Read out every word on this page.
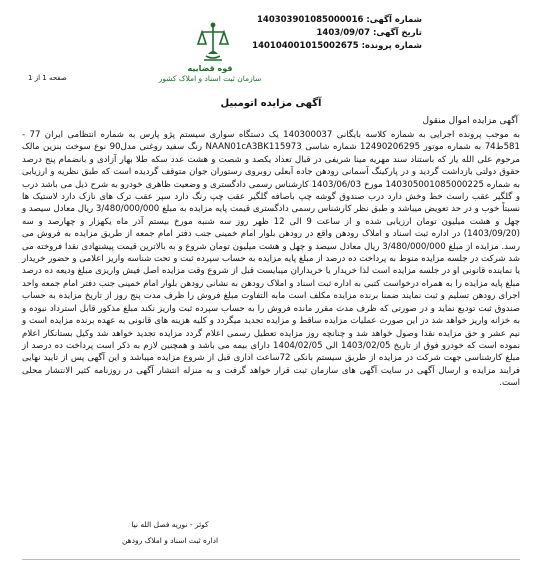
شماره آگهی: 140303901085000016
تاریخ آگهی: 1403/09/07
شماره پرونده: 140104001015002675
قوه قضاییه
سازمان ثبت اسناد و املاک کشور
صفحه 1 از 1
آگهی مزایده اتومبیل
آگهی مزایده اموال منقول
به موجب پرونده اجرایی به شماره کلاسه بایگانی 140300037 یک دستگاه سواری سیستم پژو پارس به شماره انتظامی ایران 77 - 581ط74 به شماره موتور 12490206295 شماره شاسی NAAN01cA3BK115973 رنگ سفید روغنی مدل90 نوع سوخت بنزین مالک مرحوم علی الله یار که باستناد سند مهریه مینا شریفی در قبال تعداد یکصد و شصت و هشت عدد سکه طلا بهار آزادی و بانضمام پنج درصد حقوق دولتی بازداشت گردید و در پارکینگ آسمانی رودهن جاده آبعلی روبروی رستوران جوان متوقف گردیده است که طبق نظریه و ارزیابی به شماره 140305001085000225 مورخ 1403/06/03 کارشناس رسمی دادگستری و وضعیت ظاهری خودرو به شرح ذیل می باشد درب و گلگیر عقب راست خط وخش دارد درب صندوق گوشه چپ باصافه گلگیر عقب چپ رنگ دارد سپر عقب ترک های نازک دارد لاستیک ها نسبتاً خوب و در حد تعویض میباشد و طبق نظر کارشناس رسمی دادگستری قیمت پایه مزایده به مبلغ 3/480/000/000 ریال معادل سیصد و چهل و هشت میلیون تومان ارزیابی شده و از ساعت 9 الی 12 ظهر روز سه شنبه مورخ بیستم آذر ماه یکهزار و چهارصد و سه (1403/09/20) در اداره ثبت اسناد و املاک رودهن واقع در رودهن بلوار امام خمینی جنب دفتر امام جمعه از طریق مزایده به فروش می رسد. مزایده از مبلغ 3/480/000/000 ریال معادل سیصد و چهل و هشت میلیون تومان شروع و به بالاترین قیمت پیشنهادی نقدا فروخته می شد شرکت در جلسه مزایده منوط به پرداخت ده درصد از مبلغ پایه مزایده به حساب سپرده ثبت و تحت شناسه واریز اعلامی و حضور خریدار یا نماینده قانونی او در جلسه مزایده است لذا خریدار یا خریداران میبایست قبل از شروع وقت مزایده اصل فیش واریزی مبلغ ودیعه ده درصد مبلغ پایه مزایده را به همراه درخواست کتبی به اداره ثبت اسناد و املاک رودهن به نشانی رودهن بلوار امام خمینی جنب دفتر امام جمعه واحد اجرای رودهن تسلیم و ثبت نمایند ضمنا برنده مزایده مکلف است مابه التفاوت مبلغ فروش را ظرف مدت پنج روز از تاریخ مزایده به حساب صندوق ثبت تودیع نماید و در صورتی که ظرف مدت مقرر مانده فروش را به حساب سپرده ثبت واریز نکند مبلغ مذکور قابل استرداد نبوده و به خزانه واریز خواهد شد در این صورت عملیات مزایده ساقط و مزایده تجدید میگردد و کلیه هزینه های قانونی به عهده برنده مزایده است و نیم عشر و حق مزایده نقدا وصول خواهد شد و چنانچه روز مزایده تعطیل رسمی اعلام گردد مزایده تجدید خواهد شد وکیل بستانکار اعلام نموده است که خودرو فوق از تاریخ 1403/02/05 الی 1404/02/05 دارای بیمه می باشد و همچنین لازم به ذکر است پرداخت ده درصد از مبلغ کارشناسی جهت شرکت در مزایده از طریق سیستم بانکی 72ساعت اداری قبل از شروع مزایده میباشد و این آگهی پس از تایید نهایی فرایند مزایده و ارسال آگهی در سایت آگهی های سازمان ثبت قرار خواهد گرفت و به منزله انتشار آگهی در روزنامه کثیر الانتشار محلی است.
کوثر - نوریه فصل الله نیا
اداره ثبت اسناد و املاک رودهن
